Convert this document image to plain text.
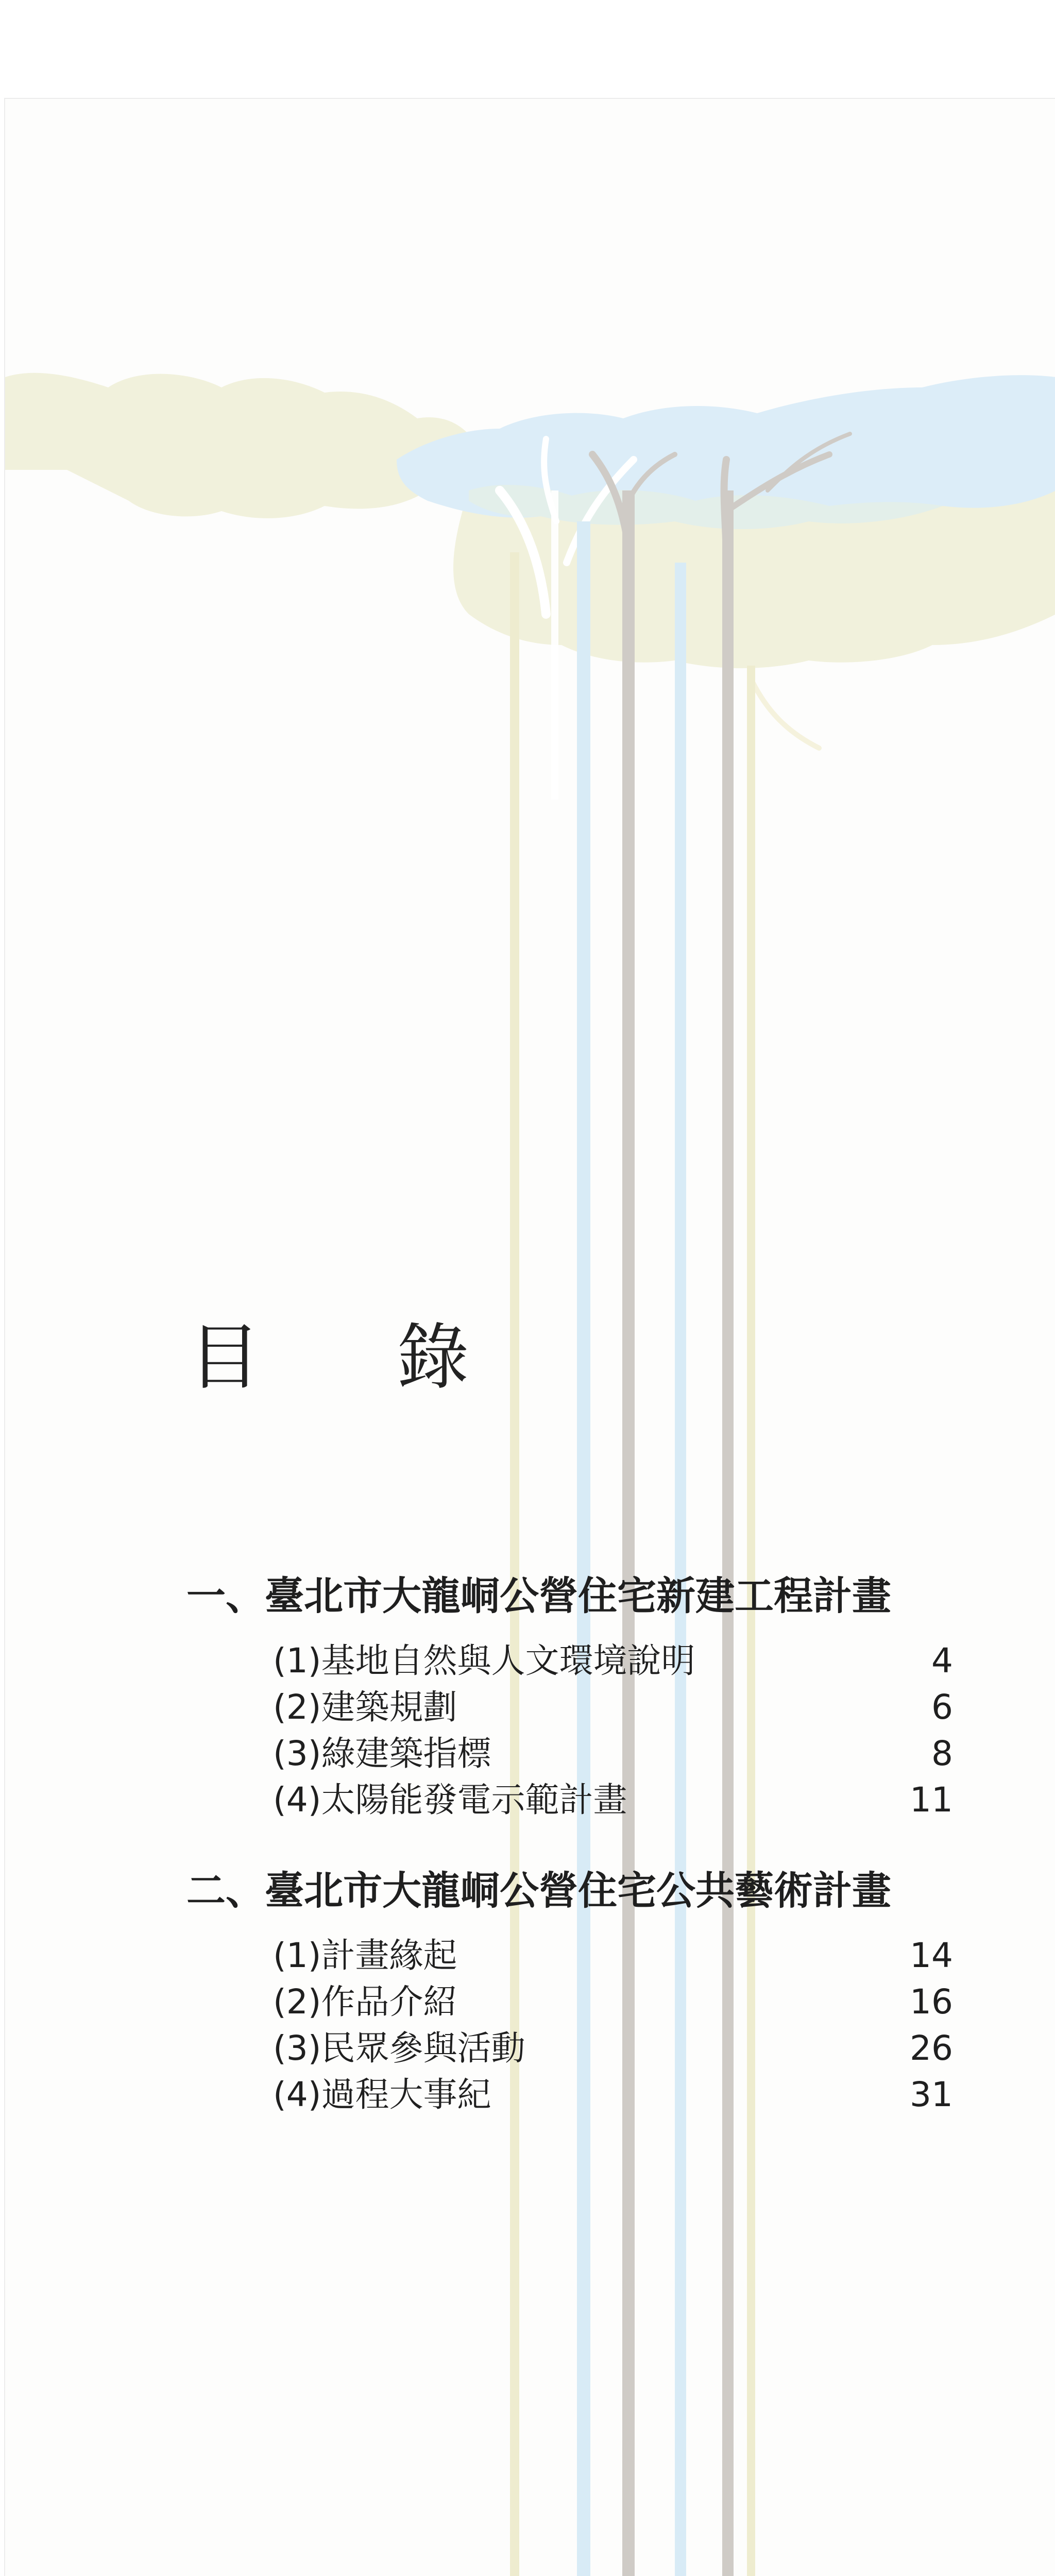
目 錄
一、臺北市大龍峒公營住宅新建工程計畫
(1)基地自然與人文環境說明	4
(2)建築規劃	6
(3)綠建築指標	8
(4)太陽能發電示範計畫	11
二、臺北市大龍峒公營住宅公共藝術計畫
(1)計畫緣起	14
(2)作品介紹	16
(3)民眾參與活動	26
(4)過程大事紀	31
